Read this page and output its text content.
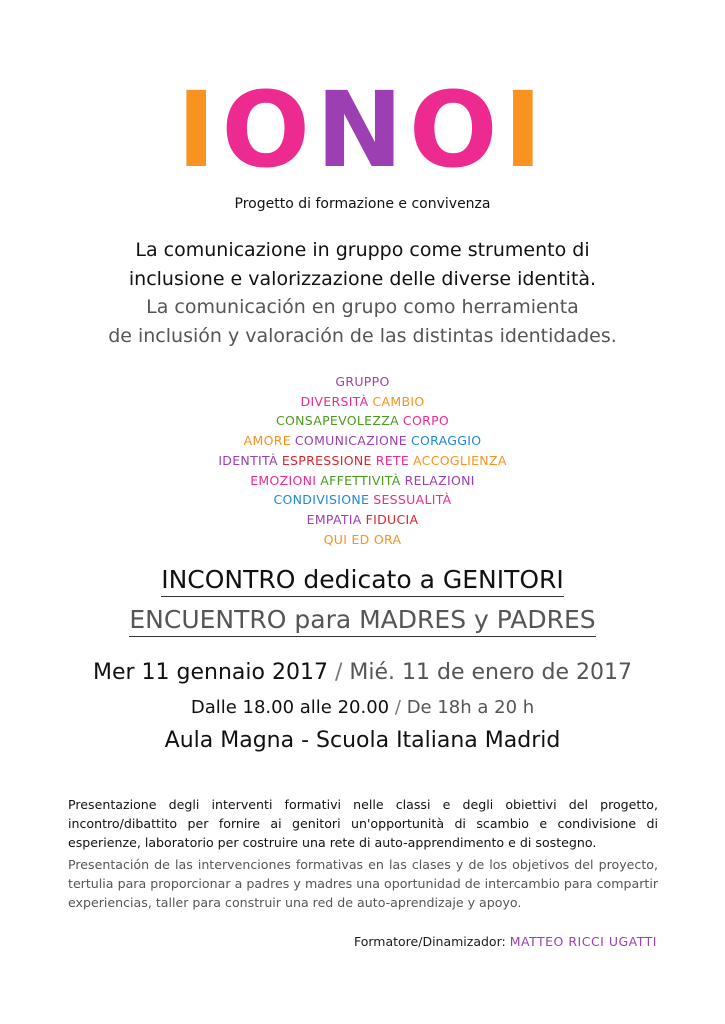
IONOI
Progetto di formazione e convivenza
La comunicazione in gruppo come strumento di
inclusione e valorizzazione delle diverse identità.
La comunicación en grupo como herramienta
de inclusión y valoración de las distintas identidades.
GRUPPO
DIVERSITÀ CAMBIO
CONSAPEVOLEZZA CORPO
AMORE COMUNICAZIONE CORAGGIO
IDENTITÀ ESPRESSIONE RETE ACCOGLIENZA
EMOZIONI AFFETTIVITÀ RELAZIONI
CONDIVISIONE SESSUALITÀ
EMPATIA FIDUCIA
QUI ED ORA
INCONTRO dedicato a GENITORI
ENCUENTRO para MADRES y PADRES
Mer 11 gennaio 2017 / Mié. 11 de enero de 2017
Dalle 18.00 alle 20.00 / De 18h a 20 h
Aula Magna - Scuola Italiana Madrid
Presentazione degli interventi formativi nelle classi e degli obiettivi del progetto, incontro/dibattito per fornire ai genitori un'opportunità di scambio e condivisione di esperienze, laboratorio per costruire una rete di auto-apprendimento e di sostegno.
Presentación de las intervenciones formativas en las clases y de los objetivos del proyecto, tertulia para proporcionar a padres y madres una oportunidad de intercambio para compartir experiencias, taller para construir una red de auto-aprendizaje y apoyo.
Formatore/Dinamizador: MATTEO RICCI UGATTI
